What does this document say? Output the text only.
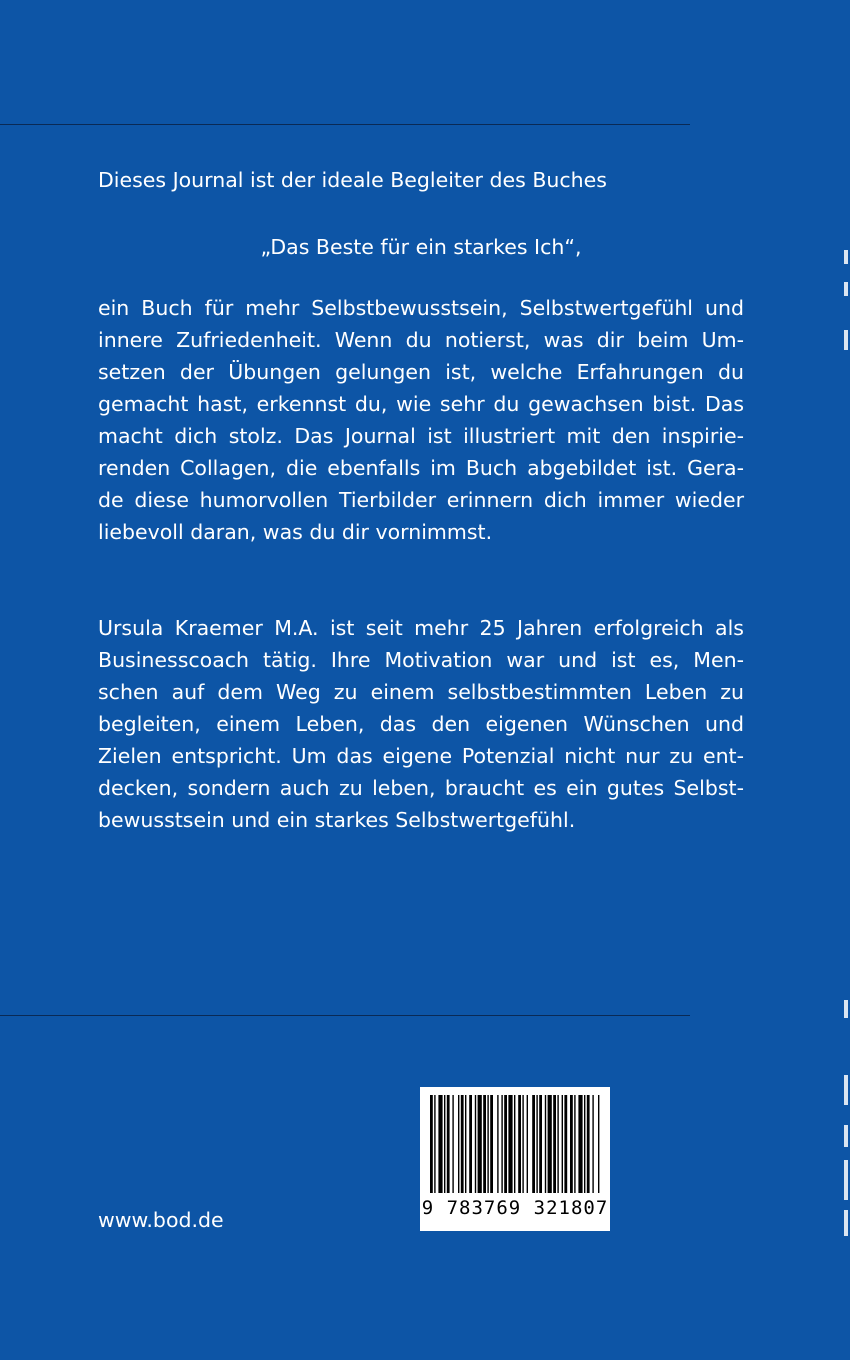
Dieses Journal ist der ideale Begleiter des Buches
„Das Beste für ein starkes Ich“,
ein Buch für mehr Selbstbewusstsein, Selbstwertgefühl und
innere Zufriedenheit. Wenn du notierst, was dir beim Um-
setzen der Übungen gelungen ist, welche Erfahrungen du
gemacht hast, erkennst du, wie sehr du gewachsen bist. Das
macht dich stolz. Das Journal ist illustriert mit den inspirie-
renden Collagen, die ebenfalls im Buch abgebildet ist. Gera-
de diese humorvollen Tierbilder erinnern dich immer wieder
liebevoll daran, was du dir vornimmst.
Ursula Kraemer M.A. ist seit mehr 25 Jahren erfolgreich als
Businesscoach tätig. Ihre Motivation war und ist es, Men-
schen auf dem Weg zu einem selbstbestimmten Leben zu
begleiten, einem Leben, das den eigenen Wünschen und
Zielen entspricht. Um das eigene Potenzial nicht nur zu ent-
decken, sondern auch zu leben, braucht es ein gutes Selbst-
bewusstsein und ein starkes Selbstwertgefühl.
www.bod.de	9 783769 321807
